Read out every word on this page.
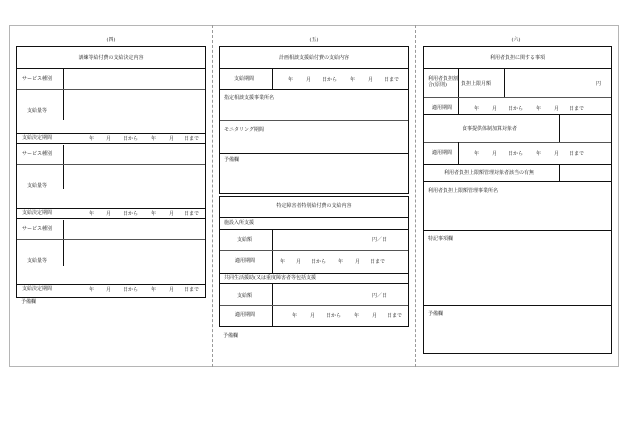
(四)
訓練等給付費の支給決定内容
サービス種別
支給量等
支給決定期間	年 月 日から	年	月 日まで
サービス種別
支給量等
支給決定期間	年 月 日から	年	月 日まで
サービス種別
支給量等
支給決定期間	年 月 日から	年	月 日まで
予備欄
(五)
計画相談支援給付費の支給内容
支給期間	年	月 日から	年	月 日まで
指定相談支援事業所名
モニタリング期間
予備欄
特定障害者特別給付費の支給内容
施設入所支援
支給額	円／日
適用期間	年 月 日から 年 月 日まで
共同生活援助(又は重度障害者等包括支援
支給額	円／日
適用期間	年	月 日から	年	月 日まで
予備欄
(六)
利用者負担に関する事項
利用者負担割合(原則)	負担上限月額	円
適用期間	年	月 日から	年	月 日まで
食事提供体制加算対象者
適用期間	年	月 日から	年	月 日まで
利用者負担上限額管理対象者該当の有無
利用者負担上限額管理事業所名
特記事項欄
予備欄
